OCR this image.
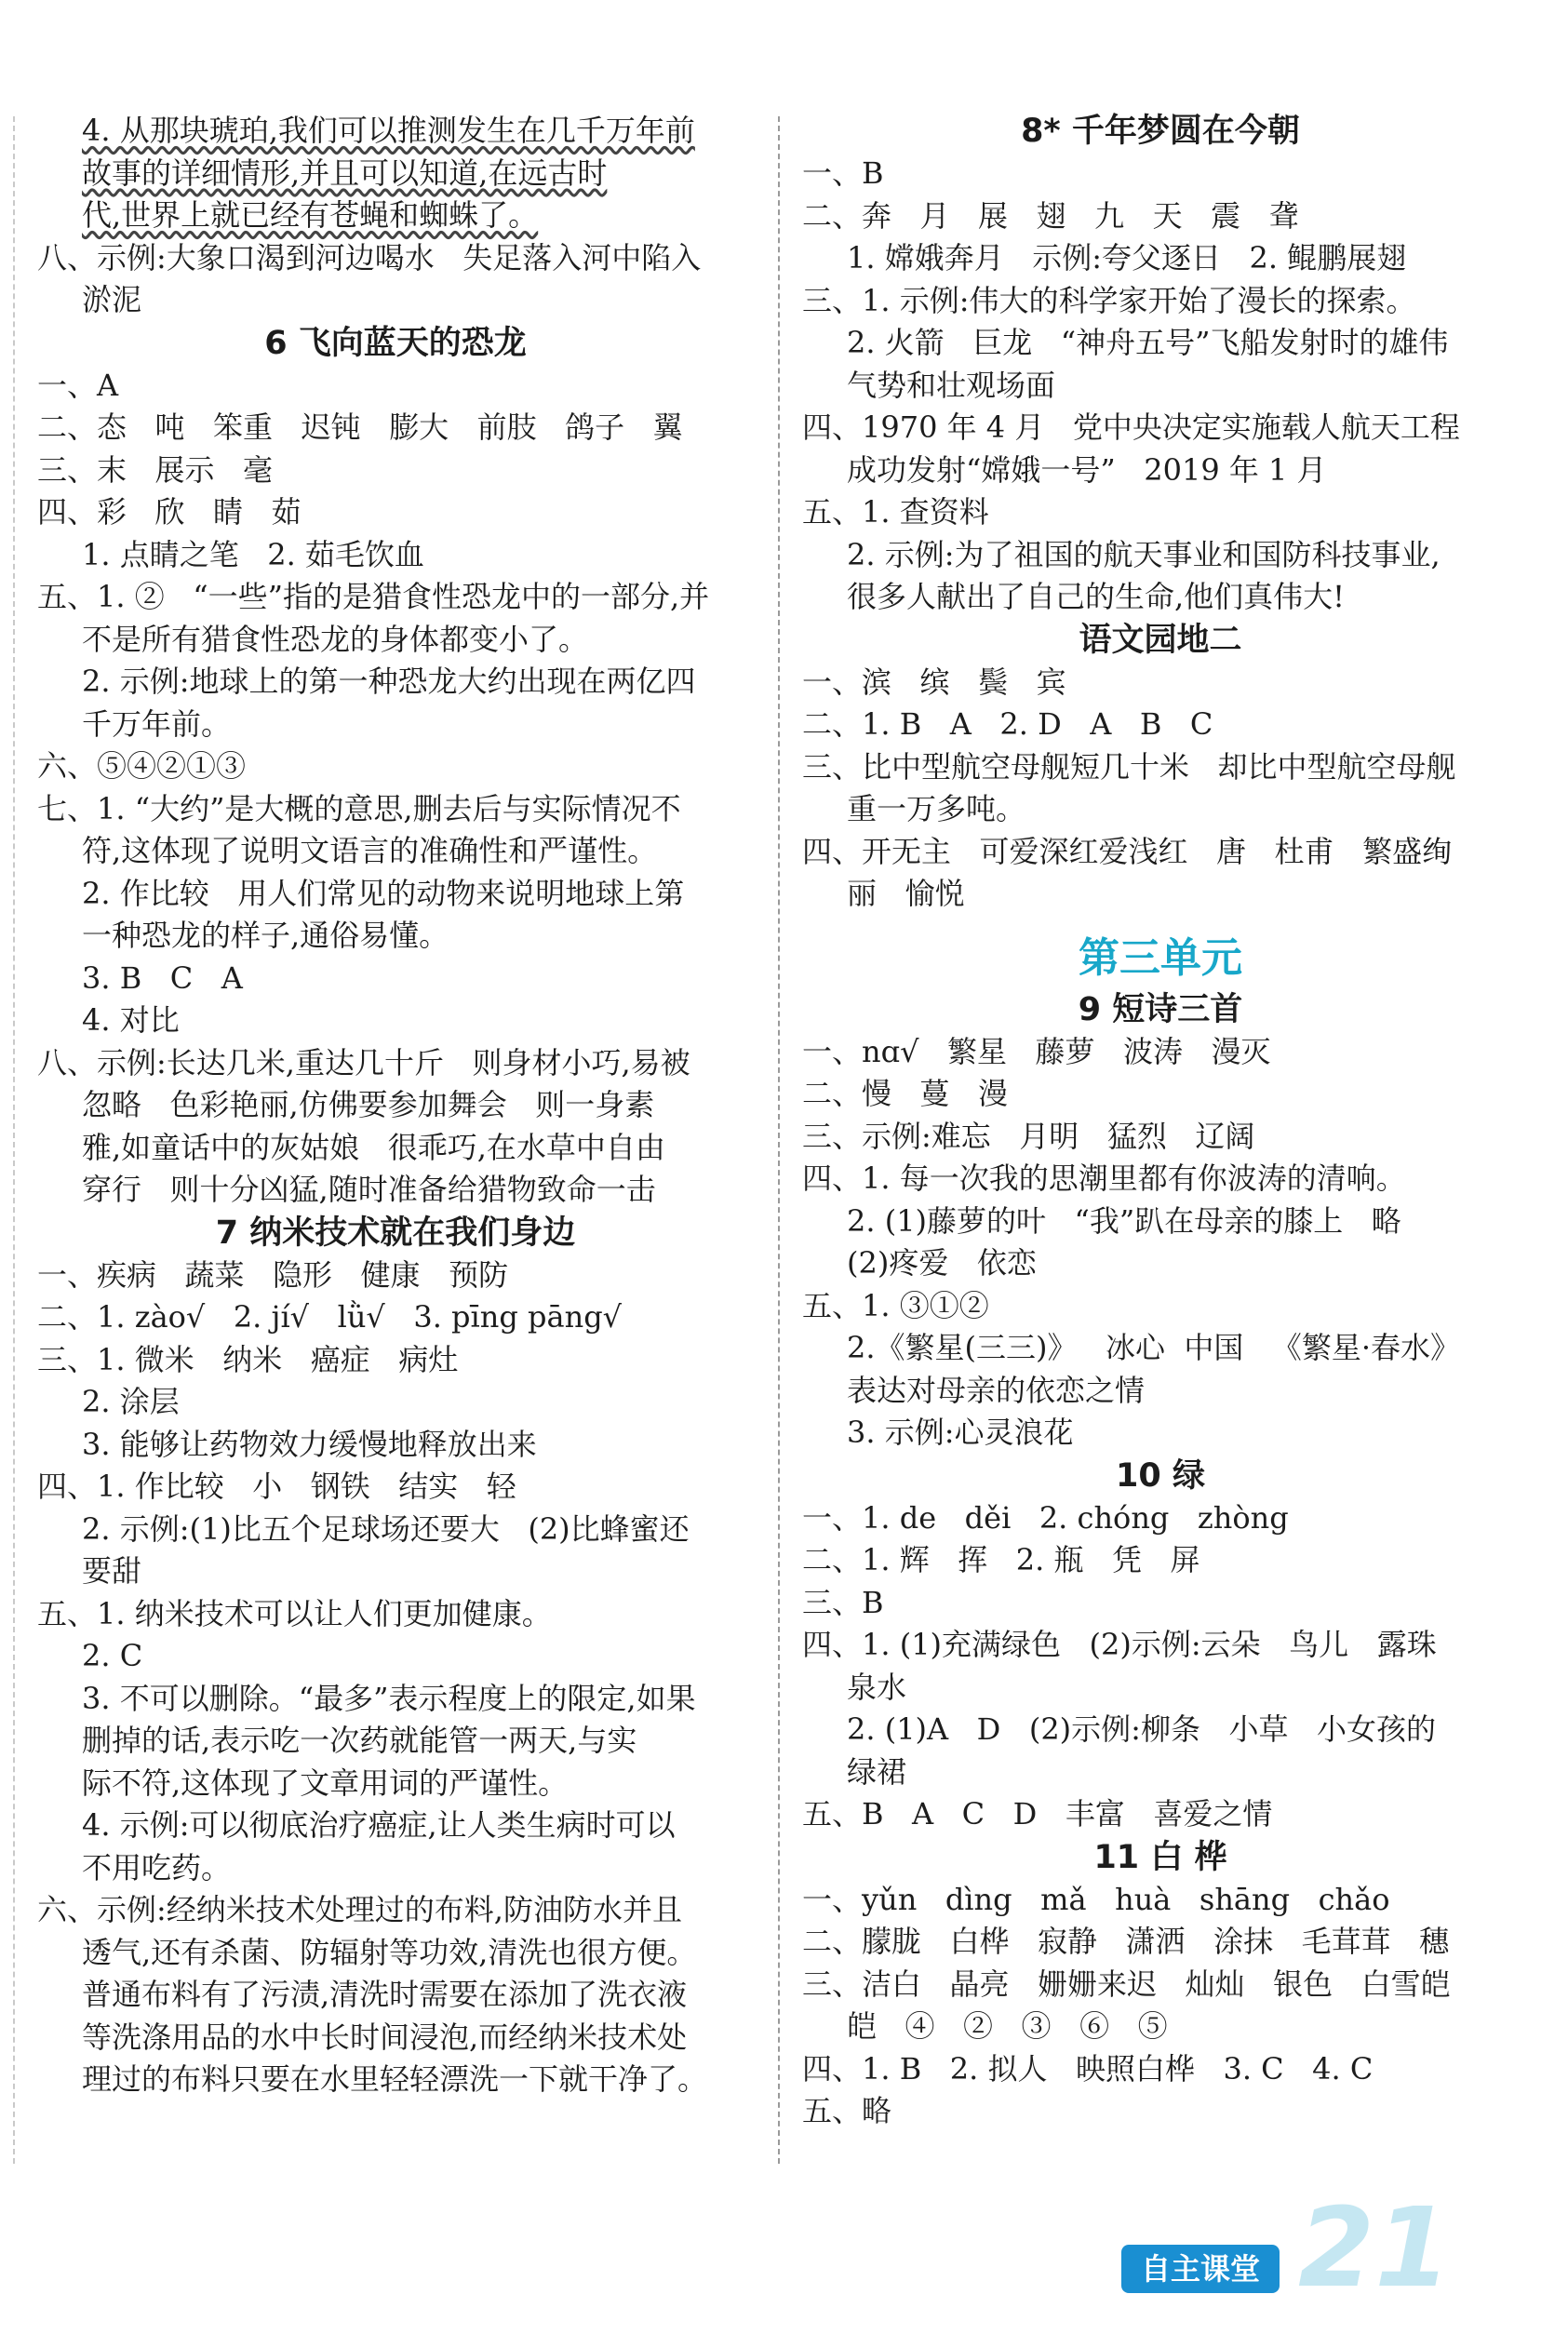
4. 从那块琥珀,我们可以推测发生在几千万年前
故事的详细情形,并且可以知道,在远古时
代,世界上就已经有苍蝇和蜘蛛了。
八、示例:大象口渴到河边喝水   失足落入河中陷入
淤泥
6 飞向蓝天的恐龙
一、A
二、态   吨   笨重   迟钝   膨大   前肢   鸽子   翼
三、末   展示   毫
四、彩   欣   睛   茹
1. 点睛之笔   2. 茹毛饮血
五、1. ②   “一些”指的是猎食性恐龙中的一部分,并
不是所有猎食性恐龙的身体都变小了。
2. 示例:地球上的第一种恐龙大约出现在两亿四
千万年前。
六、⑤④②①③
七、1. “大约”是大概的意思,删去后与实际情况不
符,这体现了说明文语言的准确性和严谨性。
2. 作比较   用人们常见的动物来说明地球上第
一种恐龙的样子,通俗易懂。
3. B   C   A
4. 对比
八、示例:长达几米,重达几十斤   则身材小巧,易被
忽略   色彩艳丽,仿佛要参加舞会   则一身素
雅,如童话中的灰姑娘   很乖巧,在水草中自由
穿行   则十分凶猛,随时准备给猎物致命一击
7 纳米技术就在我们身边
一、疾病   蔬菜   隐形   健康   预防
二、1. zào√   2. jí√   lǜ√   3. pīng pāng√
三、1. 微米   纳米   癌症   病灶
2. 涂层
3. 能够让药物效力缓慢地释放出来
四、1. 作比较   小   钢铁   结实   轻
2. 示例:(1)比五个足球场还要大   (2)比蜂蜜还
要甜
五、1. 纳米技术可以让人们更加健康。
2. C
3. 不可以删除。“最多”表示程度上的限定,如果
删掉的话,表示吃一次药就能管一两天,与实
际不符,这体现了文章用词的严谨性。
4. 示例:可以彻底治疗癌症,让人类生病时可以
不用吃药。
六、示例:经纳米技术处理过的布料,防油防水并且
透气,还有杀菌、防辐射等功效,清洗也很方便。
普通布料有了污渍,清洗时需要在添加了洗衣液
等洗涤用品的水中长时间浸泡,而经纳米技术处
理过的布料只要在水里轻轻漂洗一下就干净了。
8* 千年梦圆在今朝
一、B
二、奔   月   展   翅   九   天   震   聋
1. 嫦娥奔月   示例:夸父逐日   2. 鲲鹏展翅
三、1. 示例:伟大的科学家开始了漫长的探索。
2. 火箭   巨龙   “神舟五号”飞船发射时的雄伟
气势和壮观场面
四、1970 年 4 月   党中央决定实施载人航天工程
成功发射“嫦娥一号”   2019 年 1 月
五、1. 查资料
2. 示例:为了祖国的航天事业和国防科技事业,
很多人献出了自己的生命,他们真伟大!
语文园地二
一、滨   缤   鬓   宾
二、1. B   A   2. D   A   B   C
三、比中型航空母舰短几十米   却比中型航空母舰
重一万多吨。
四、开无主   可爱深红爱浅红   唐   杜甫   繁盛绚
丽   愉悦
第三单元
9 短诗三首
一、nɑ√   繁星   藤萝   波涛   漫灭
二、慢   蔓   漫
三、示例:难忘   月明   猛烈   辽阔
四、1. 每一次我的思潮里都有你波涛的清响。
2. (1)藤萝的叶   “我”趴在母亲的膝上   略
(2)疼爱   依恋
五、1. ③①②
2.《繁星(三三)》   冰心  中国   《繁星·春水》
表达对母亲的依恋之情
3. 示例:心灵浪花
10 绿
一、1. de   děi   2. chóng   zhòng
二、1. 辉   挥   2. 瓶   凭   屏
三、B
四、1. (1)充满绿色   (2)示例:云朵   鸟儿   露珠
泉水
2. (1)A   D   (2)示例:柳条   小草   小女孩的
绿裙
五、B   A   C   D   丰富   喜爱之情
11 白 桦
一、yǔn   dìng   mǎ   huà   shāng   chǎo
二、朦胧   白桦   寂静   潇洒   涂抹   毛茸茸   穗
三、洁白   晶亮   姗姗来迟   灿灿   银色   白雪皑
皑   ④   ②   ③   ⑥   ⑤
四、1. B   2. 拟人   映照白桦   3. C   4. C
五、略
自主课堂 21
